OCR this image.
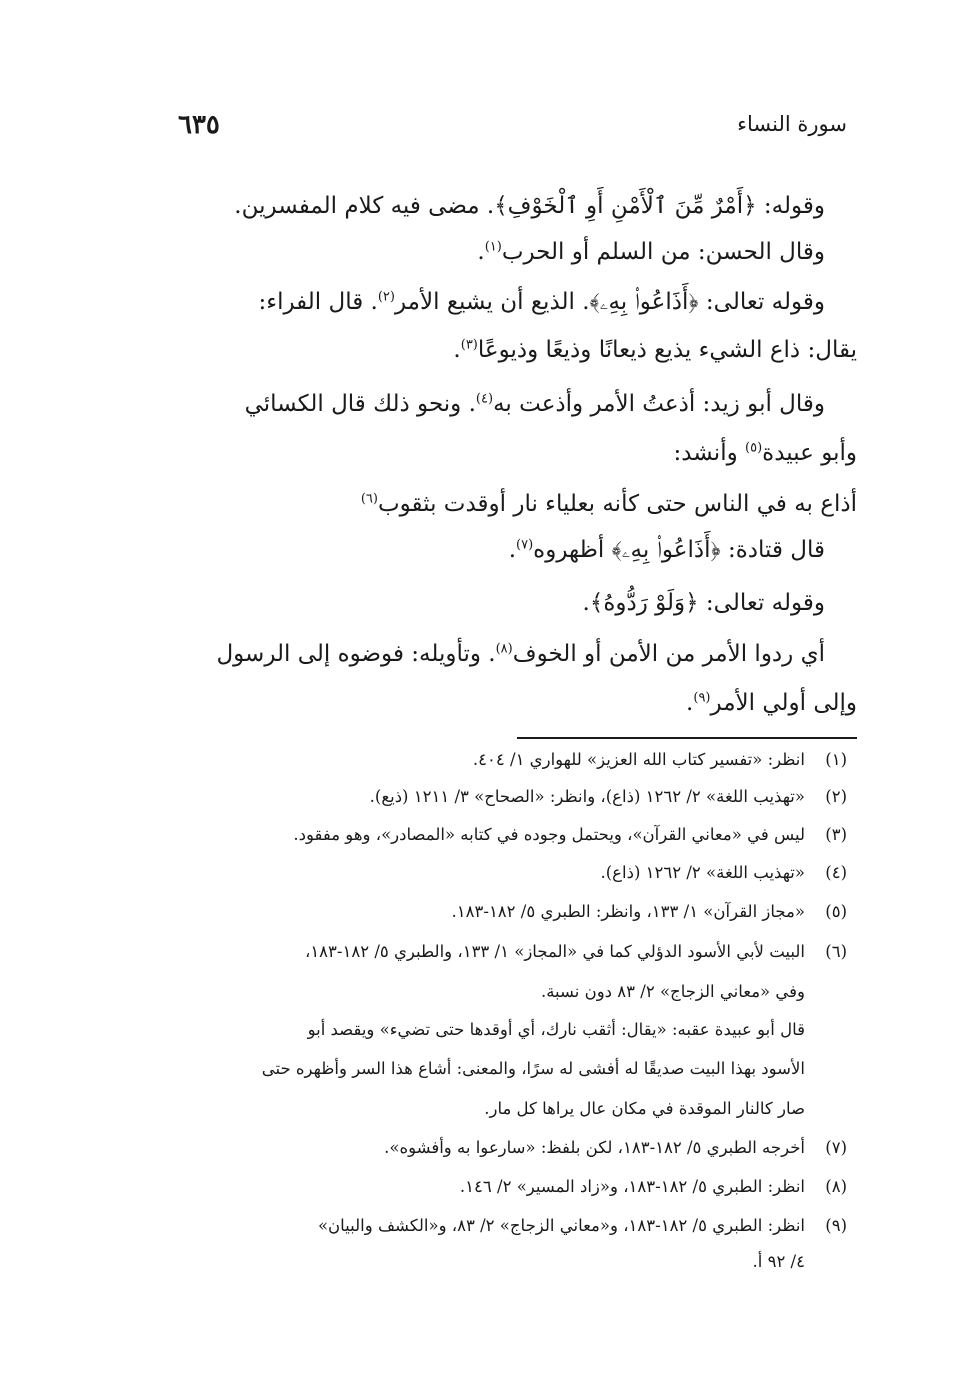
سورة النساء
٦٣٥
وقوله: ﴿أَمْرٌ مِّنَ ٱلْأَمْنِ أَوِ ٱلْخَوْفِ﴾. مضى فيه كلام المفسرين.
وقال الحسن: من السلم أو الحرب$^{(١)}$.
وقوله تعالى: ﴿أَذَاعُوا۟ بِهِۦ﴾. الذيع أن يشيع الأمر$^{(٢)}$. قال الفراء:
يقال: ذاع الشيء يذيع ذيعانًا وذيعًا وذيوعًا$^{(٣)}$.
وقال أبو زيد: أذعتُ الأمر وأذعت به$^{(٤)}$. ونحو ذلك قال الكسائي
وأبو عبيدة$^{(٥)}$ وأنشد:
أذاع به في الناس حتى كأنه بعلياء نار أوقدت بثقوب$^{(٦)}$
قال قتادة: ﴿أَذَاعُوا۟ بِهِۦ﴾ أظهروه$^{(٧)}$.
وقوله تعالى: ﴿وَلَوْ رَدُّوهُ﴾.
أي ردوا الأمر من الأمن أو الخوف$^{(٨)}$. وتأويله: فوضوه إلى الرسول
وإلى أولي الأمر$^{(٩)}$.
(١)انظر: «تفسير كتاب الله العزيز» للهواري ١/ ٤٠٤.
(٢)«تهذيب اللغة» ٢/ ١٢٦٢ (ذاع)، وانظر: «الصحاح» ٣/ ١٢١١ (ذيع).
(٣)ليس في «معاني القرآن»، ويحتمل وجوده في كتابه «المصادر»، وهو مفقود.
(٤)«تهذيب اللغة» ٢/ ١٢٦٢ (ذاع).
(٥)«مجاز القرآن» ١/ ١٣٣، وانظر: الطبري ٥/ ١٨٢-١٨٣.
(٦)البيت لأبي الأسود الدؤلي كما في «المجاز» ١/ ١٣٣، والطبري ٥/ ١٨٢-١٨٣،
وفي «معاني الزجاج» ٢/ ٨٣ دون نسبة.
قال أبو عبيدة عقبه: «يقال: أثقب نارك، أي أوقدها حتى تضيء» ويقصد أبو
الأسود بهذا البيت صديقًا له أفشى له سرًا، والمعنى: أشاع هذا السر وأظهره حتى
صار كالنار الموقدة في مكان عال يراها كل مار.
(٧)أخرجه الطبري ٥/ ١٨٢-١٨٣، لكن بلفظ: «سارعوا به وأفشوه».
(٨)انظر: الطبري ٥/ ١٨٢-١٨٣، و«زاد المسير» ٢/ ١٤٦.
(٩)انظر: الطبري ٥/ ١٨٢-١٨٣، و«معاني الزجاج» ٢/ ٨٣، و«الكشف والبيان»
٤/ ٩٢ أ.
